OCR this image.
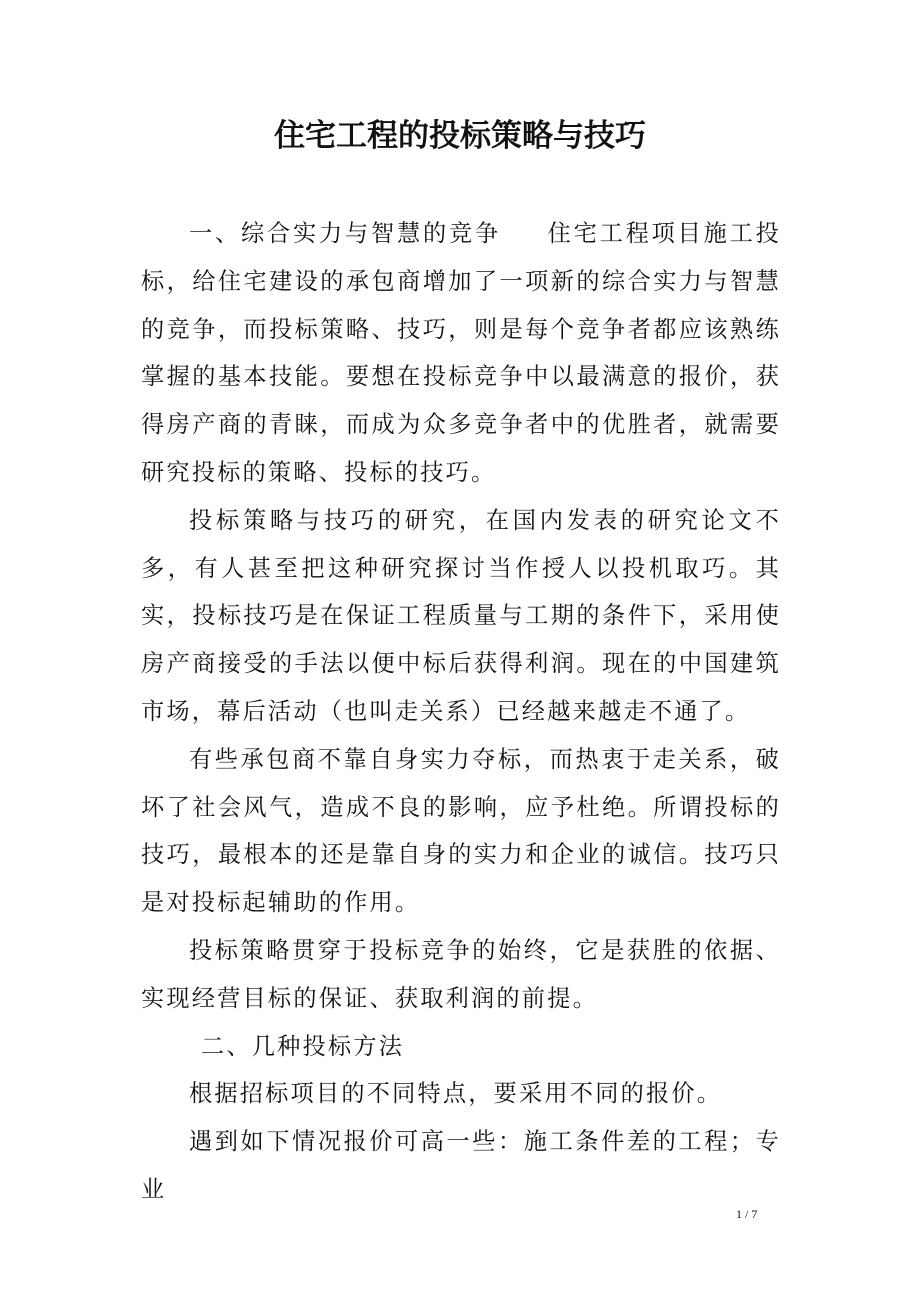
住宅工程的投标策略与技巧

一、综合实力与智慧的竞争 住宅工程项目施工投标，给住宅建设的承包商增加了一项新的综合实力与智慧的竞争，而投标策略、技巧，则是每个竞争者都应该熟练掌握的基本技能。要想在投标竞争中以最满意的报价，获得房产商的青睐，而成为众多竞争者中的优胜者，就需要研究投标的策略、投标的技巧。

投标策略与技巧的研究，在国内发表的研究论文不多，有人甚至把这种研究探讨当作授人以投机取巧。其实，投标技巧是在保证工程质量与工期的条件下，采用使房产商接受的手法以便中标后获得利润。现在的中国建筑市场，幕后活动（也叫走关系）已经越来越走不通了。

有些承包商不靠自身实力夺标，而热衷于走关系，破坏了社会风气，造成不良的影响，应予杜绝。所谓投标的技巧，最根本的还是靠自身的实力和企业的诚信。技巧只是对投标起辅助的作用。

投标策略贯穿于投标竞争的始终，它是获胜的依据、实现经营目标的保证、获取利润的前提。

二、几种投标方法

根据招标项目的不同特点，要采用不同的报价。

遇到如下情况报价可高一些：施工条件差的工程；专业

1 / 7
